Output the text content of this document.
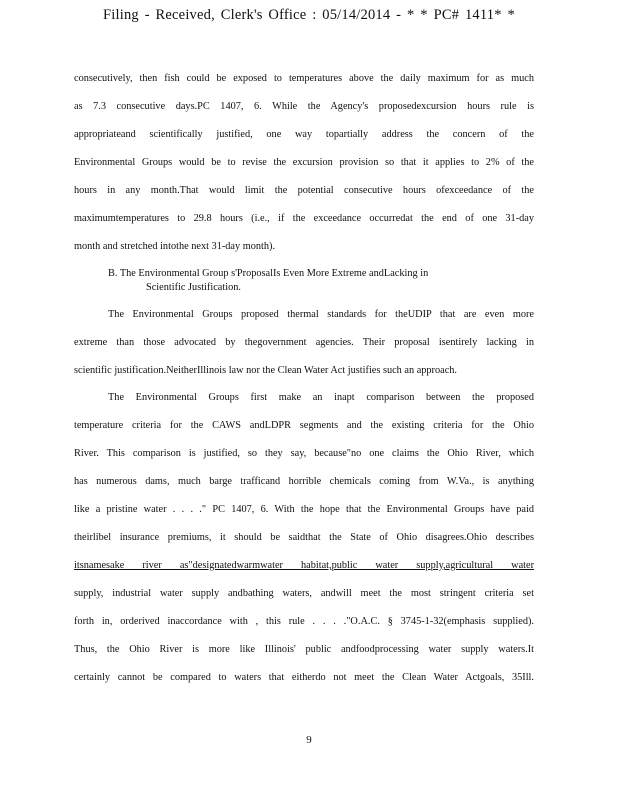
Filing - Received, Clerk's Office : 05/14/2014 - * * PC# 1411* *
consecutively, then fish could be exposed to temperatures above the daily maximum for as much
as 7.3 consecutive days.PC 1407, 6. While the Agency's proposedexcursion hours rule is
appropriateand scientifically justified, one way topartially address the concern of the
Environmental Groups would be to revise the excursion provision so that it applies to 2% of the
hours in any month.That would limit the potential consecutive hours ofexceedance of the
maximumtemperatures to 29.8 hours (i.e., if the exceedance occurredat the end of one 31-day
month and stretched intothe next 31-day month).
B. The Environmental Group s'ProposalIs Even More Extreme andLacking in
Scientific Justification.
The Environmental Groups proposed thermal standards for theUDIP that are even more
extreme than those advocated by thegovernment agencies. Their proposal isentirely lacking in
scientific justification.NeitherIllinois law nor the Clean Water Act justifies such an approach.
The Environmental Groups first make an inapt comparison between the proposed
temperature criteria for the CAWS andLDPR segments and the existing criteria for the Ohio
River. This comparison is justified, so they say, because"no one claims the Ohio River, which
has numerous dams, much barge trafficand horrible chemicals coming from W.Va., is anything
like a pristine water . . . ." PC 1407, 6. With the hope that the Environmental Groups have paid
theirlibel insurance premiums, it should be saidthat the State of Ohio disagrees.Ohio describes
itsnamesake river as"designatedwarmwater habitat,public water supply,agricultural water
supply, industrial water supply andbathing waters, andwill meet the most stringent criteria set
forth in, orderived inaccordance with , this rule . . . ."O.A.C. § 3745-1-32(emphasis supplied).
Thus, the Ohio River is more like Illinois' public andfoodprocessing water supply waters.It
certainly cannot be compared to waters that eitherdo not meet the Clean Water Actgoals, 35Ill.
9
